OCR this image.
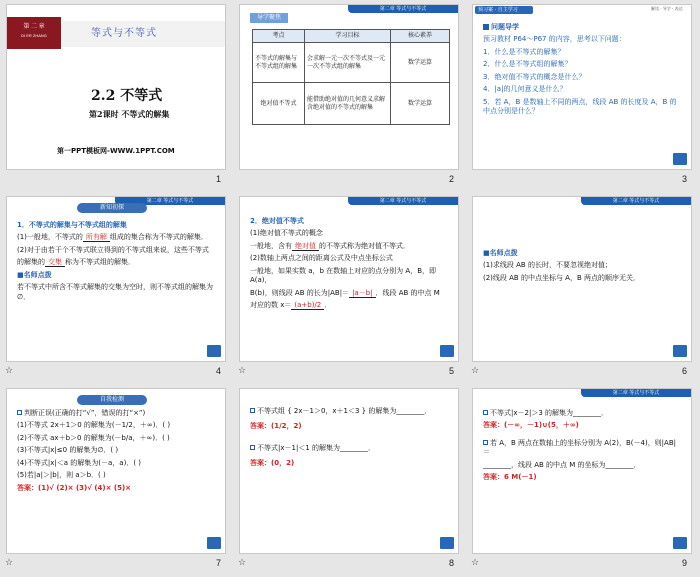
第 二 章
DI ER ZHANG	等式与不等式
2.2 不等式
第2课时 不等式的解集
第一PPT模板网-WWW.1PPT.COM
1
第二章 等式与不等式
导学聚焦
考点	学习目标	核心素养
不等式的解集与不等式组的解集	会求解一元一次不等式及一元一次不等式组的解集	数学运算
绝对值不等式	能借助绝对值的几何意义求解含绝对值的不等式的解集	数学运算
2
预习案 · 自主学习	解读 · 导学 · 表达
问题导学
预习教材 P64～P67 的内容，思考以下问题：
1．什么是不等式的解集？
2．什么是不等式组的解集？
3．绝对值不等式的概念是什么？
4．|a|的几何意义是什么？
5．若 A，B 是数轴上不同的两点，线段 AB 的长度及 A，B 的中点分别是什么？
3
第二章 等式与不等式
新知初探
1．不等式的解集与不等式组的解集
(1)一般地，不等式的 所有解 组成的集合称为不等式的解集．
(2)对于由若干个不等式联立得到的不等式组来说，这些不等式
的解集的 交集 称为不等式组的解集．
■名师点拨
若不等式中所含不等式解集的交集为空时，则不等式组的解集为∅．
☆	4
第二章 等式与不等式
2．绝对值不等式
(1)绝对值不等式的概念
一般地，含有 绝对值 的不等式称为绝对值不等式．
(2)数轴上两点之间的距离公式及中点坐标公式
一般地，如果实数 a，b 在数轴上对应的点分别为 A，B，即 A(a)，
B(b)，则线段 AB 的长为|AB|＝ |a－b| ．线段 AB 的中点 M
对应的数 x＝ (a+b)/2 ．
☆	5
第二章 等式与不等式
■名师点拨
(1)求线段 AB 的长时，不要忽视绝对值；
(2)线段 AB 的中点坐标与 A，B 两点的顺序无关．
☆	6
自我检测
判断正误(正确的打“√”，错误的打“×”)
(1)不等式 2x＋1＞0 的解集为(－1/2，＋∞)．( )
(2)不等式 ax＋b＞0 的解集为(－b/a，＋∞)．( )
(3)不等式|x|≤0 的解集为∅．( )
(4)不等式|x|＜a 的解集为(－a，a)．( )
(5)若|a|＞|b|，则 a＞b．( )
答案：(1)√ (2)× (3)√ (4)× (5)×
☆	7
不等式组 { 2x－1＞0，x＋1＜3 } 的解集为________．
答案：(1/2，2)
不等式|x－1|＜1 的解集为________．
答案：(0，2)
☆	8
第二章 等式与不等式
不等式|x－2|＞3 的解集为________．
答案：(－∞，－1)∪(5，＋∞)
若 A，B 两点在数轴上的坐标分别为 A(2)，B(－4)，则|AB|＝
________，线段 AB 的中点 M 的坐标为________．
答案：6 M(－1)
☆	9
